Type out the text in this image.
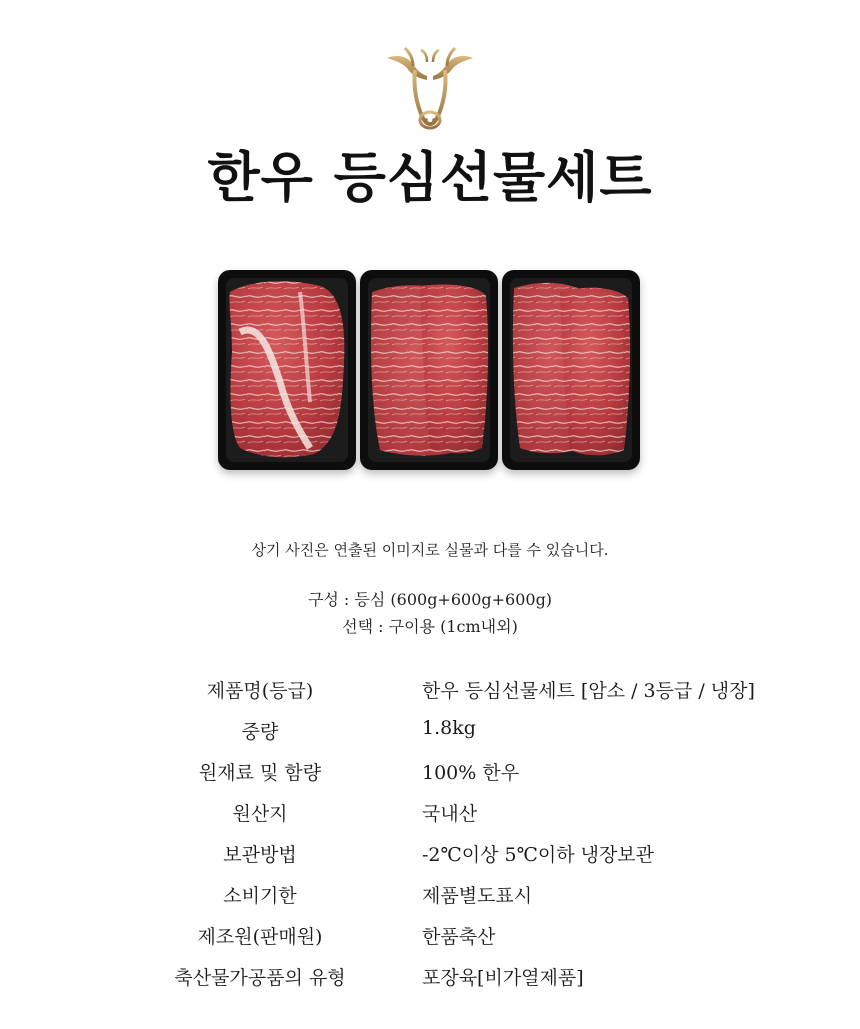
한우 등심선물세트
상기 사진은 연출된 이미지로 실물과 다를 수 있습니다.
구성 : 등심 (600g+600g+600g)
선택 : 구이용 (1cm내외)
제품명(등급)	한우 등심선물세트 [암소 / 3등급 / 냉장]
중량	1.8kg
원재료 및 함량	100% 한우
원산지	국내산
보관방법	-2℃이상 5℃이하 냉장보관
소비기한	제품별도표시
제조원(판매원)	한품축산
축산물가공품의 유형	포장육[비가열제품]
